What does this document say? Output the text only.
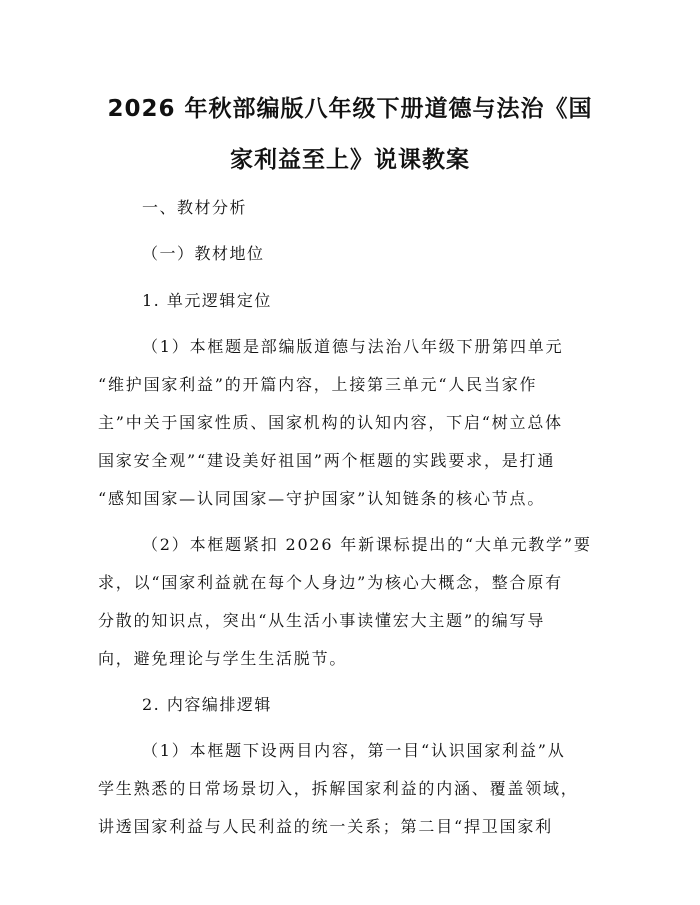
2026 年秋部编版八年级下册道德与法治《国
家利益至上》说课教案
一、教材分析
（一）教材地位
1. 单元逻辑定位
（1）本框题是部编版道德与法治八年级下册第四单元
“维护国家利益”的开篇内容，上接第三单元“人民当家作
主”中关于国家性质、国家机构的认知内容，下启“树立总体
国家安全观”“建设美好祖国”两个框题的实践要求，是打通
“感知国家—认同国家—守护国家”认知链条的核心节点。
（2）本框题紧扣 2026 年新课标提出的“大单元教学”要
求，以“国家利益就在每个人身边”为核心大概念，整合原有
分散的知识点，突出“从生活小事读懂宏大主题”的编写导
向，避免理论与学生生活脱节。
2. 内容编排逻辑
（1）本框题下设两目内容，第一目“认识国家利益”从
学生熟悉的日常场景切入，拆解国家利益的内涵、覆盖领域，
讲透国家利益与人民利益的统一关系；第二目“捍卫国家利
